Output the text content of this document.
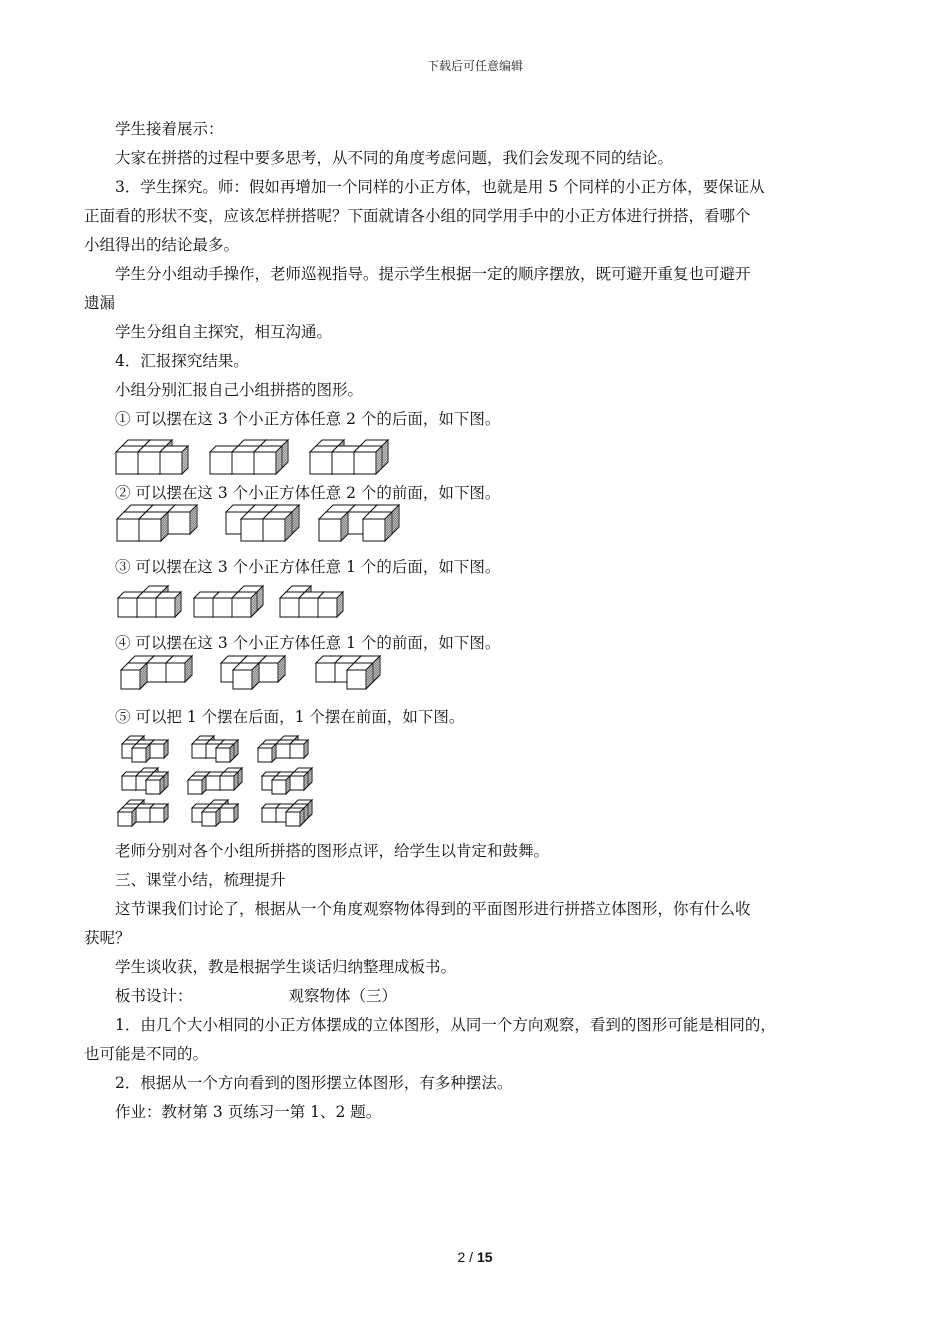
下载后可任意编辑
学生接着展示：
大家在拼搭的过程中要多思考，从不同的角度考虑问题，我们会发现不同的结论。
3．学生探究。师：假如再增加一个同样的小正方体，也就是用 5 个同样的小正方体，要保证从
正面看的形状不变，应该怎样拼搭呢？下面就请各小组的同学用手中的小正方体进行拼搭，看哪个
小组得出的结论最多。
学生分小组动手操作，老师巡视指导。提示学生根据一定的顺序摆放，既可避开重复也可避开
遗漏
学生分组自主探究，相互沟通。
4．汇报探究结果。
小组分别汇报自己小组拼搭的图形。
① 可以摆在这 3 个小正方体任意 2 个的后面，如下图。
② 可以摆在这 3 个小正方体任意 2 个的前面，如下图。
③ 可以摆在这 3 个小正方体任意 1 个的后面，如下图。
④ 可以摆在这 3 个小正方体任意 1 个的前面，如下图。
⑤ 可以把 1 个摆在后面，1 个摆在前面，如下图。
老师分别对各个小组所拼搭的图形点评，给学生以肯定和鼓舞。
三、课堂小结，梳理提升
这节课我们讨论了，根据从一个角度观察物体得到的平面图形进行拼搭立体图形，你有什么收
获呢？
学生谈收获，教是根据学生谈话归纳整理成板书。
板书设计：	观察物体（三）
1．由几个大小相同的小正方体摆成的立体图形，从同一个方向观察，看到的图形可能是相同的，
也可能是不同的。
2．根据从一个方向看到的图形摆立体图形，有多种摆法。
作业：教材第 3 页练习一第 1、2 题。
2 / 15
